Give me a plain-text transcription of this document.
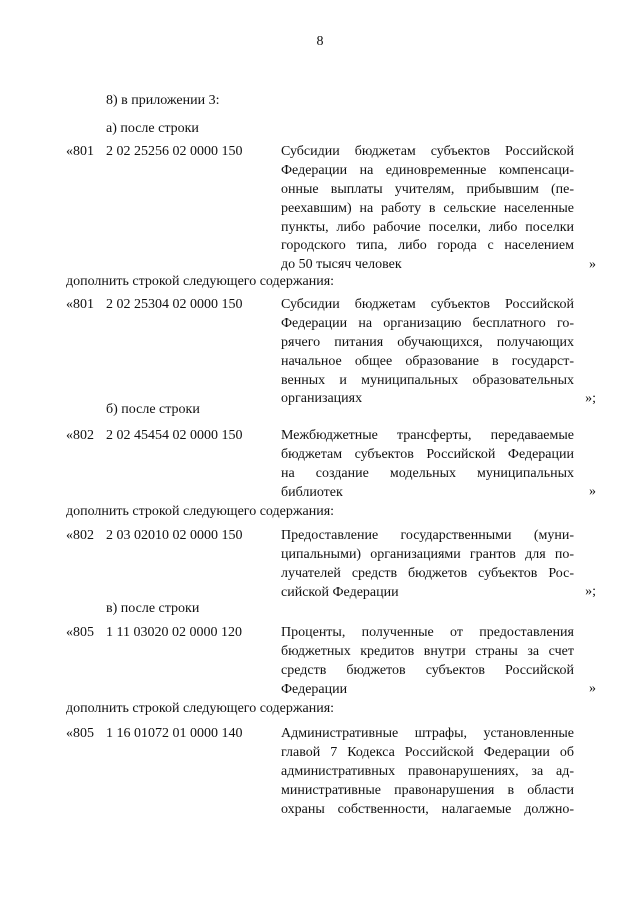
8
8) в приложении 3:
а) после строки
«801 2 02 25256 02 0000 150	Субсидии бюджетам субъектов Российской
Федерации на единовременные компенсаци-
онные выплаты учителям, прибывшим (пе-
реехавшим) на работу в сельские населенные
пункты, либо рабочие поселки, либо поселки
городского типа, либо города с населением
до 50 тысяч человек	»
дополнить строкой следующего содержания:
«801 2 02 25304 02 0000 150	Субсидии бюджетам субъектов Российской
Федерации на организацию бесплатного го-
рячего питания обучающихся, получающих
начальное общее образование в государст-
венных и муниципальных образовательных
организациях	»;
б) после строки
«802 2 02 45454 02 0000 150	Межбюджетные трансферты, передаваемые
бюджетам субъектов Российской Федерации
на создание модельных муниципальных
библиотек	»
дополнить строкой следующего содержания:
«802 2 03 02010 02 0000 150	Предоставление государственными (муни-
ципальными) организациями грантов для по-
лучателей средств бюджетов субъектов Рос-
сийской Федерации	»;
в) после строки
«805 1 11 03020 02 0000 120	Проценты, полученные от предоставления
бюджетных кредитов внутри страны за счет
средств бюджетов субъектов Российской
Федерации	»
дополнить строкой следующего содержания:
«805 1 16 01072 01 0000 140	Административные штрафы, установленные
главой 7 Кодекса Российской Федерации об
административных правонарушениях, за ад-
министративные правонарушения в области
охраны собственности, налагаемые должно-
